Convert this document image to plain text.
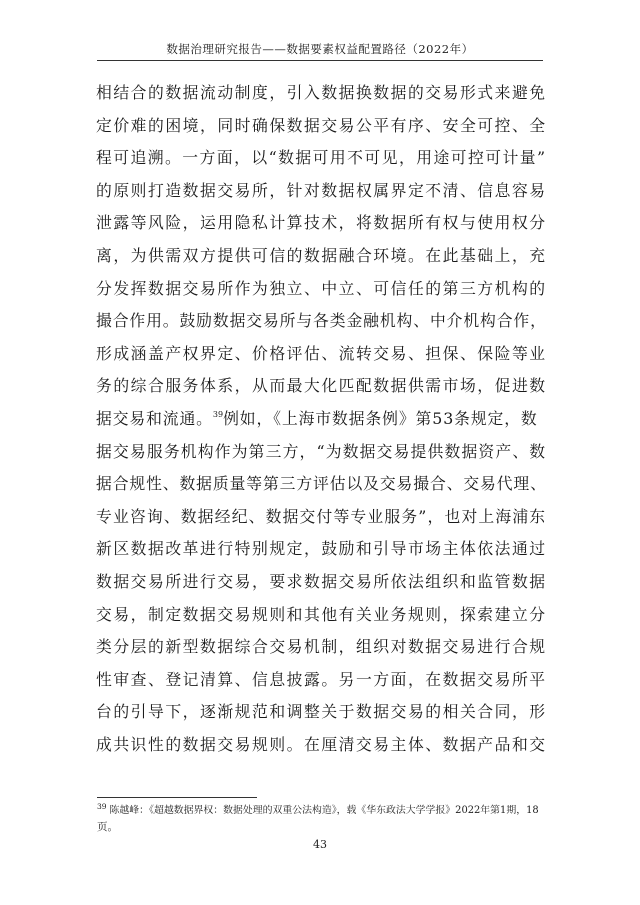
数据治理研究报告——数据要素权益配置路径（2022年）
相结合的数据流动制度，引入数据换数据的交易形式来避免
定价难的困境，同时确保数据交易公平有序、安全可控、全
程可追溯。一方面，以“数据可用不可见，用途可控可计量”
的原则打造数据交易所，针对数据权属界定不清、信息容易
泄露等风险，运用隐私计算技术，将数据所有权与使用权分
离，为供需双方提供可信的数据融合环境。在此基础上，充
分发挥数据交易所作为独立、中立、可信任的第三方机构的
撮合作用。鼓励数据交易所与各类金融机构、中介机构合作，
形成涵盖产权界定、价格评估、流转交易、担保、保险等业
务的综合服务体系，从而最大化匹配数据供需市场，促进数
据交易和流通。$^{39}$例如，《上海市数据条例》第53条规定，数
据交易服务机构作为第三方，“为数据交易提供数据资产、数
据合规性、数据质量等第三方评估以及交易撮合、交易代理、
专业咨询、数据经纪、数据交付等专业服务”，也对上海浦东
新区数据改革进行特别规定，鼓励和引导市场主体依法通过
数据交易所进行交易，要求数据交易所依法组织和监管数据
交易，制定数据交易规则和其他有关业务规则，探索建立分
类分层的新型数据综合交易机制，组织对数据交易进行合规
性审查、登记清算、信息披露。另一方面，在数据交易所平
台的引导下，逐渐规范和调整关于数据交易的相关合同，形
成共识性的数据交易规则。在厘清交易主体、数据产品和交
$^{39}$ 陈越峰：《超越数据界权：数据处理的双重公法构造》，载《华东政法大学学报》2022年第1期，18
页。
43
